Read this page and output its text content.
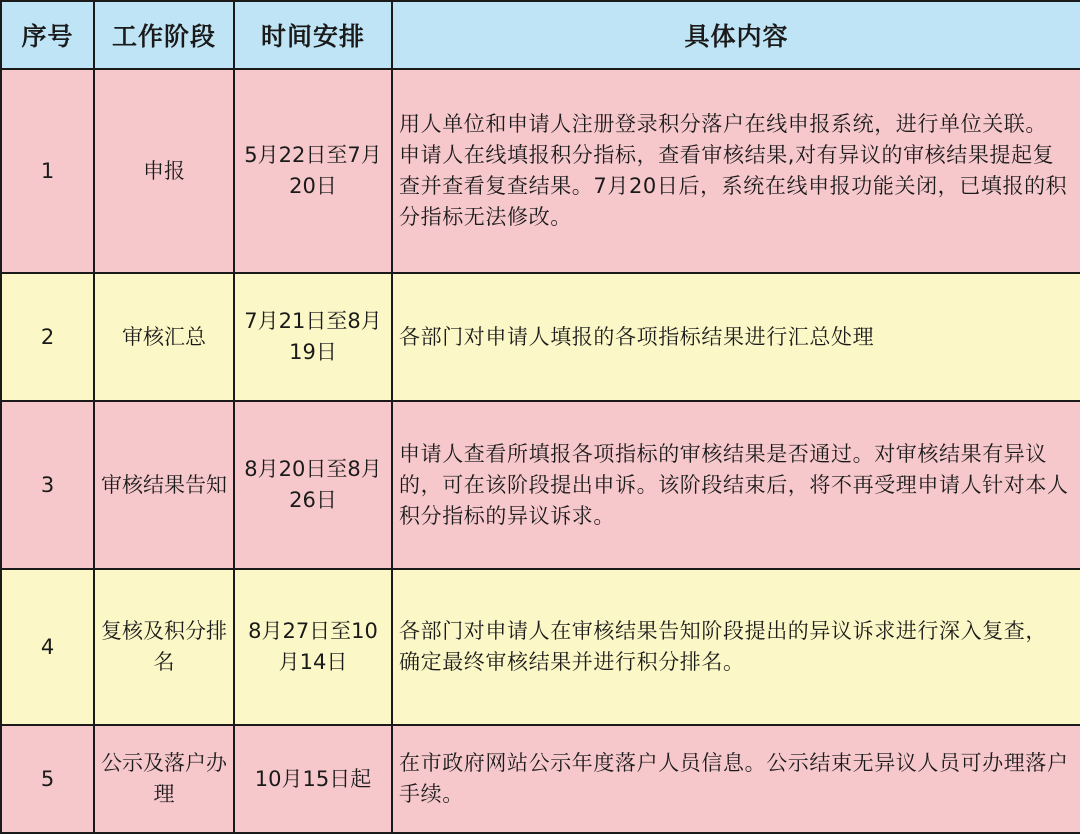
序号	工作阶段	时间安排	具体内容
1	申报	5月22日至7月20日	用人单位和申请人注册登录积分落户在线申报系统，进行单位关联。 申请人在线填报积分指标，查看审核结果,对有异议的审核结果提起复查并查看复查结果。7月20日后，系统在线申报功能关闭，已填报的积分指标无法修改。
2	审核汇总	7月21日至8月19日	各部门对申请人填报的各项指标结果进行汇总处理
3	审核结果告知	8月20日至8月26日	申请人查看所填报各项指标的审核结果是否通过。对审核结果有异议的，可在该阶段提出申诉。该阶段结束后，将不再受理申请人针对本人积分指标的异议诉求。
4	复核及积分排名	8月27日至10月14日	各部门对申请人在审核结果告知阶段提出的异议诉求进行深入复查， 确定最终审核结果并进行积分排名。
5	公示及落户办理	10月15日起	在市政府网站公示年度落户人员信息。公示结束无异议人员可办理落户手续。
